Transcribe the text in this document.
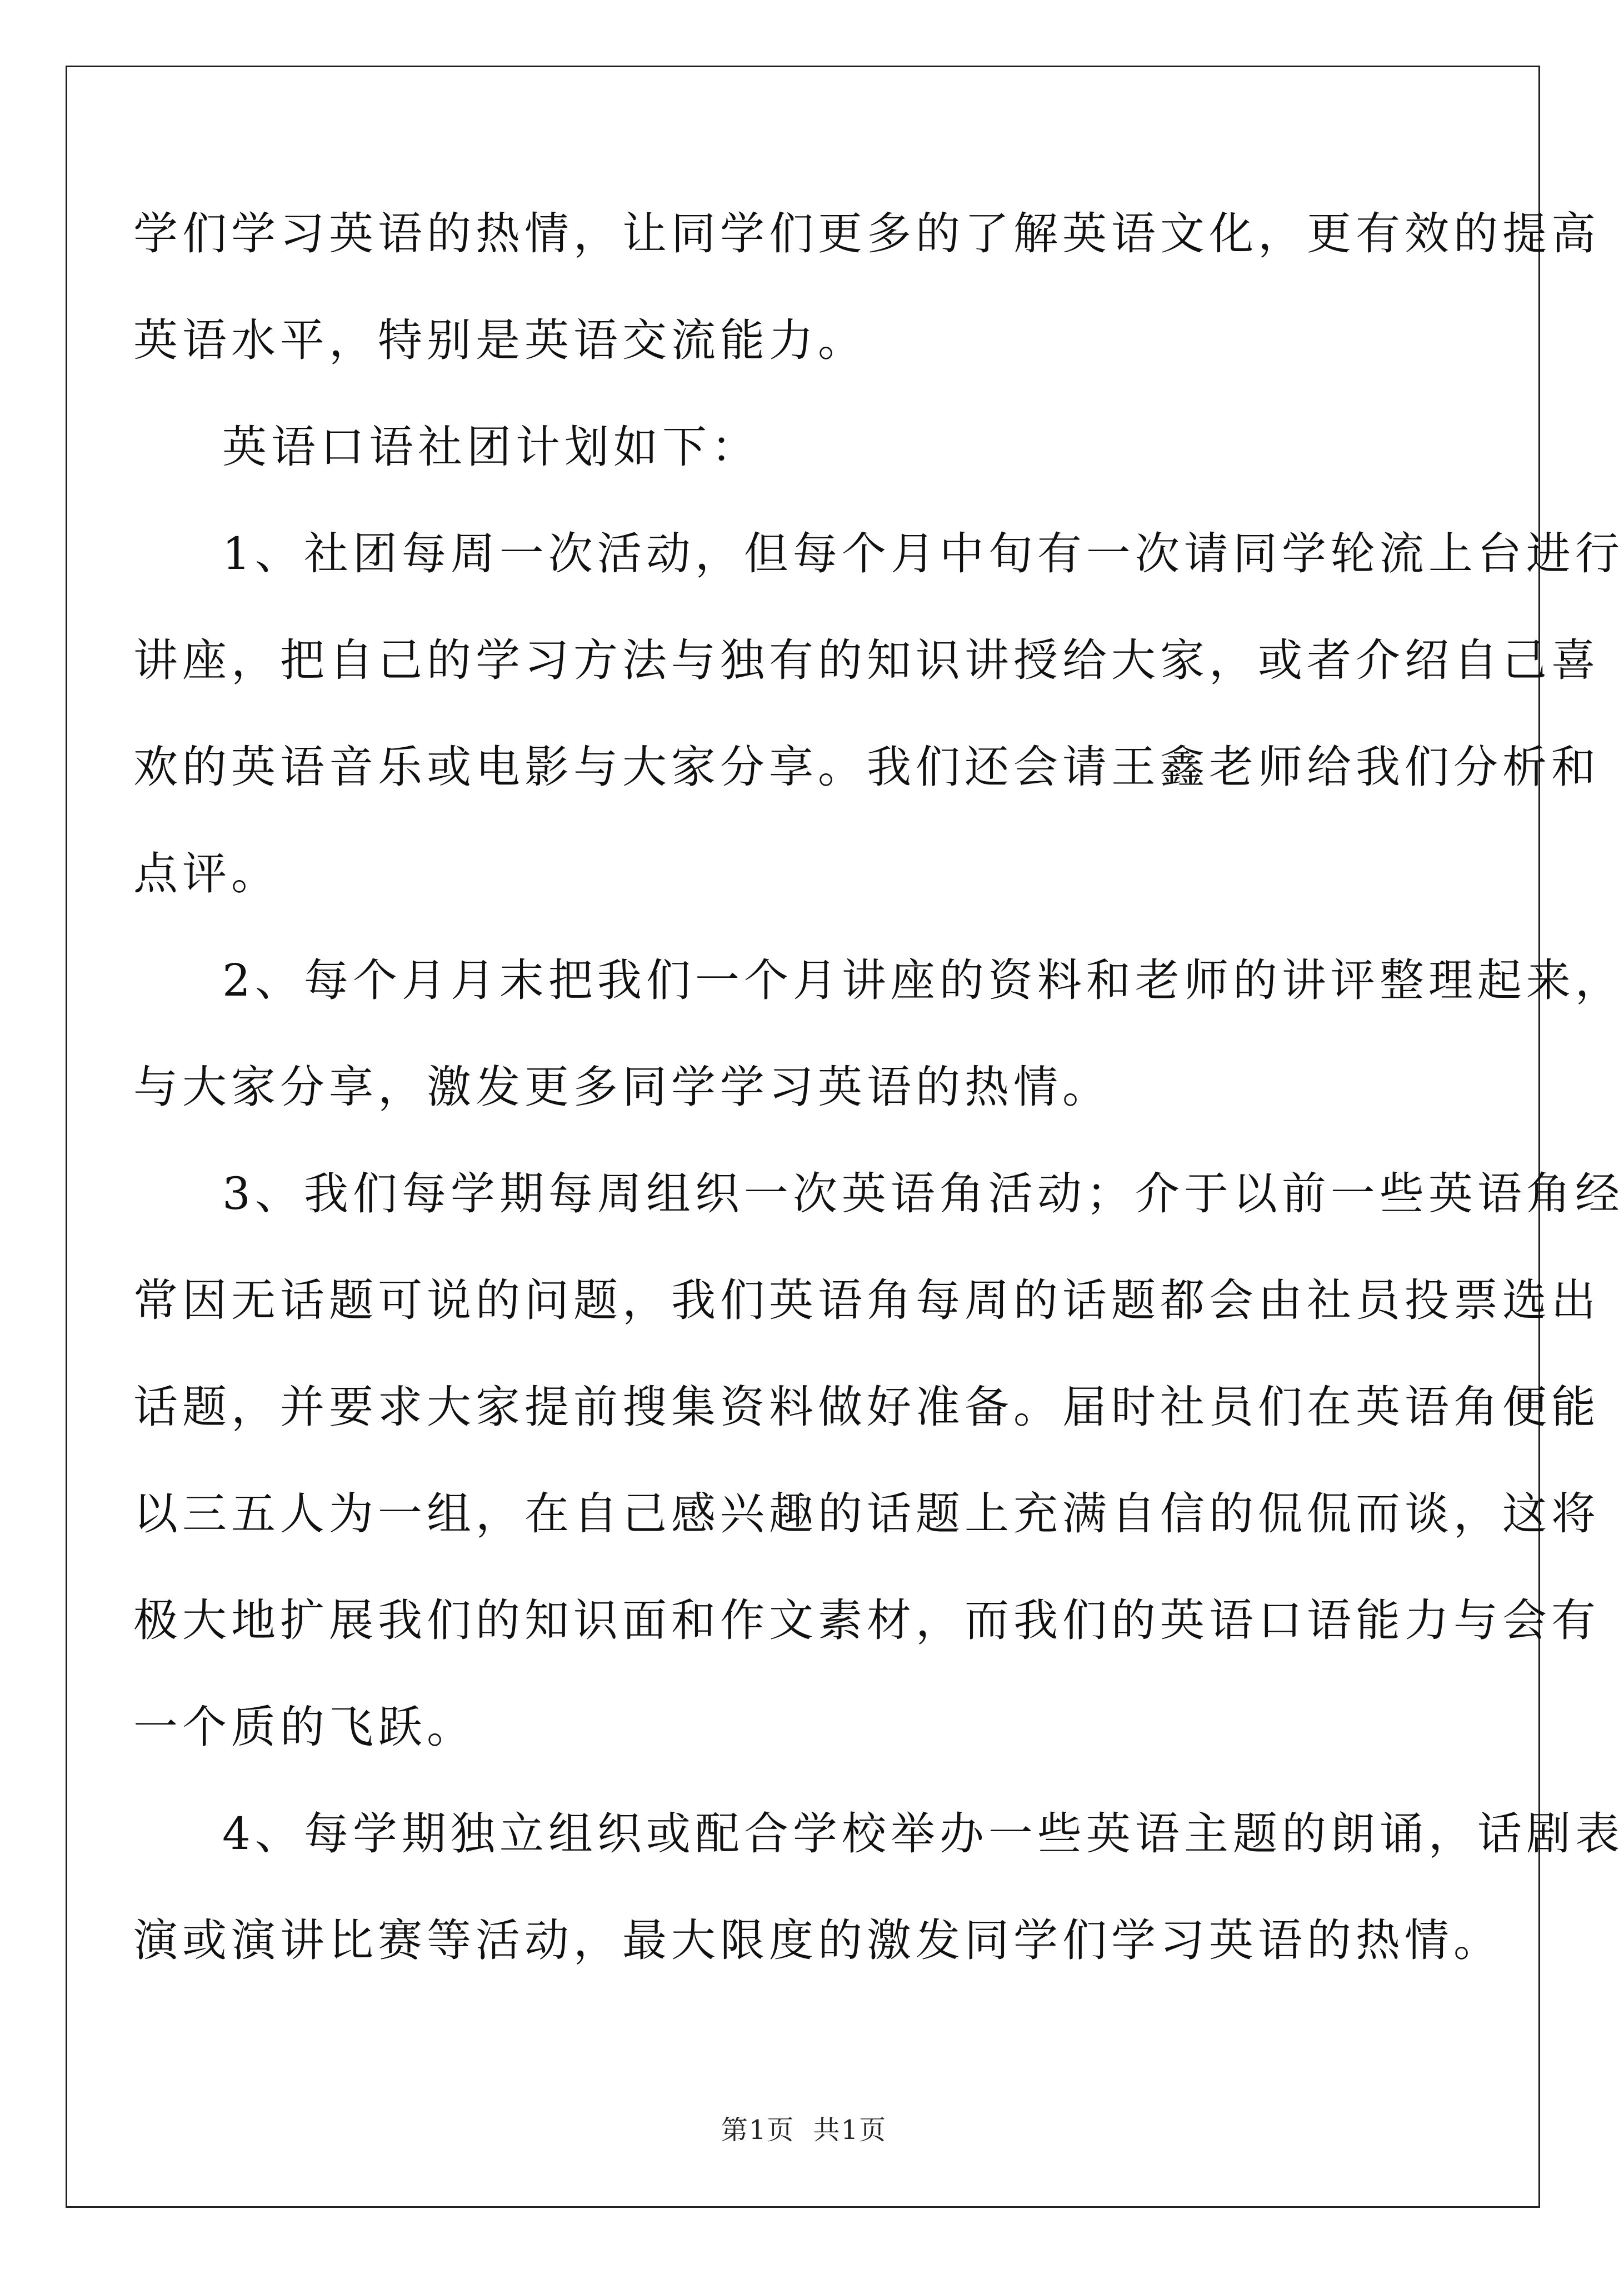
学们学习英语的热情，让同学们更多的了解英语文化，更有效的提高
英语水平，特别是英语交流能力。

英语口语社团计划如下：

1、社团每周一次活动，但每个月中旬有一次请同学轮流上台进行
讲座，把自己的学习方法与独有的知识讲授给大家，或者介绍自己喜
欢的英语音乐或电影与大家分享。我们还会请王鑫老师给我们分析和
点评。

2、每个月月末把我们一个月讲座的资料和老师的讲评整理起来，
与大家分享，激发更多同学学习英语的热情。

3、我们每学期每周组织一次英语角活动；介于以前一些英语角经
常因无话题可说的问题，我们英语角每周的话题都会由社员投票选出
话题，并要求大家提前搜集资料做好准备。届时社员们在英语角便能
以三五人为一组，在自己感兴趣的话题上充满自信的侃侃而谈，这将
极大地扩展我们的知识面和作文素材，而我们的英语口语能力与会有
一个质的飞跃。

4、每学期独立组织或配合学校举办一些英语主题的朗诵，话剧表
演或演讲比赛等活动，最大限度的激发同学们学习英语的热情。

第1页 共1页
